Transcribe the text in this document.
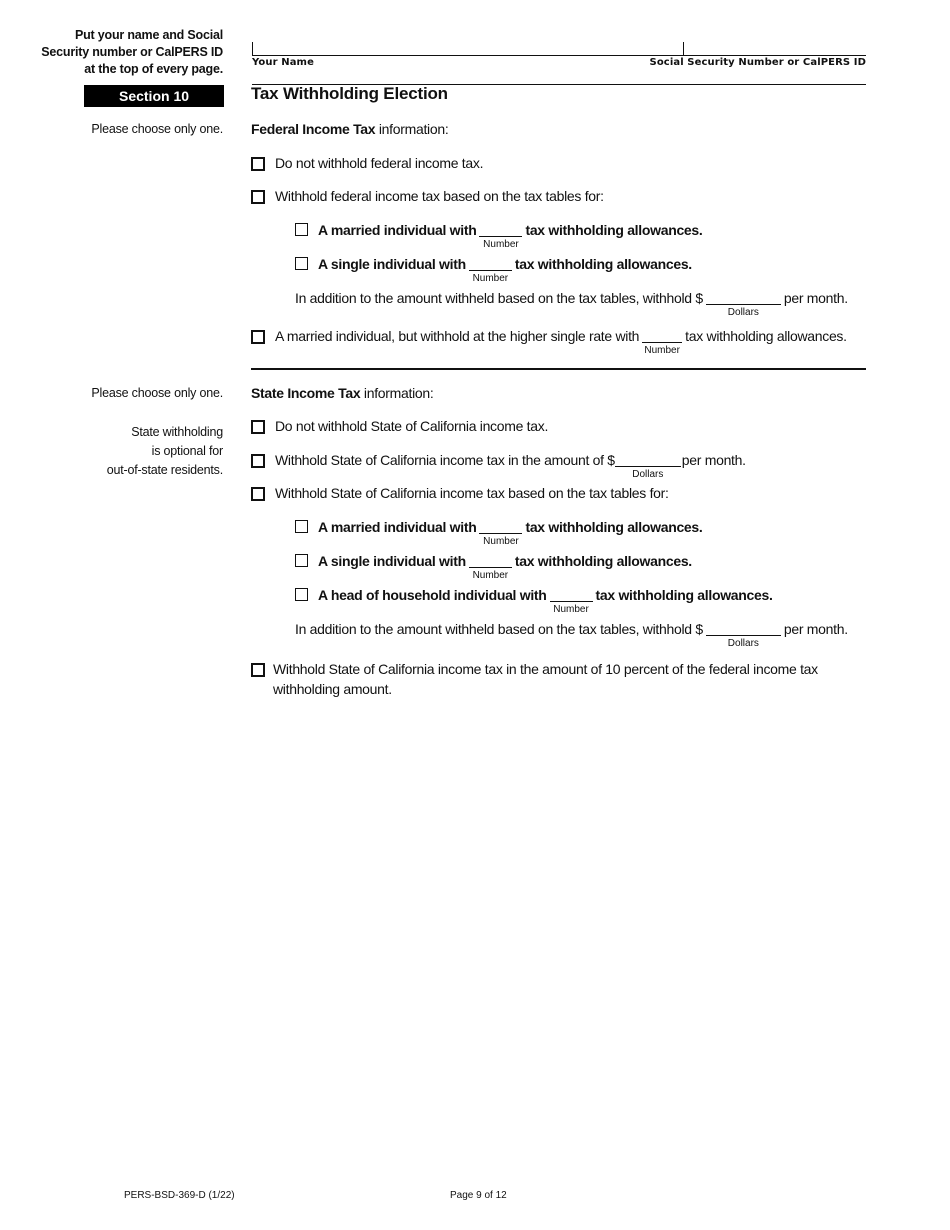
Put your name and Social
Security number or CalPERS ID
at the top of every page.	Your Name	Social Security Number or CalPERS ID
Section 10	Tax Withholding Election
Please choose only one. Federal Income Tax information:
Do not withhold federal income tax.
Withhold federal income tax based on the tax tables for:
A married individual with
Number
tax withholding allowances.
A single individual with
Number
tax withholding allowances.
In addition to the amount withheld based on the tax tables, withhold $
Dollars
per month.
A married individual, but withhold at the higher single rate with
Number
tax withholding allowances.
Please choose only one.
State withholding
is optional for
out-of-state residents.
State Income Tax information:
Do not withhold State of California income tax.
Withhold State of California income tax in the amount of $
Dollars
per month.
Withhold State of California income tax based on the tax tables for:
A married individual with
Number
tax withholding allowances.
A single individual with
Number
tax withholding allowances.
A head of household individual with
Number
tax withholding allowances.
In addition to the amount withheld based on the tax tables, withhold $
Dollars
per month.
Withhold State of California income tax in the amount of 10 percent of the federal income tax
withholding amount.
PERS-BSD-369-D (1/22)	Page 9 of 12
